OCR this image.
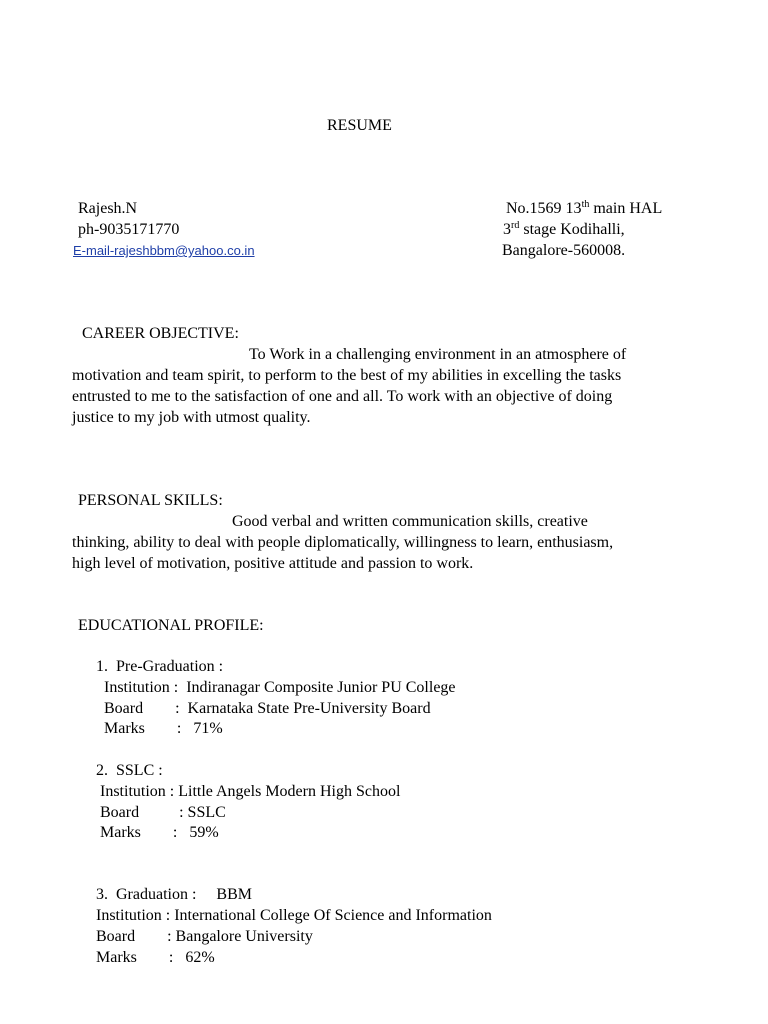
RESUME
Rajesh.N
ph-9035171770
E-mail-rajeshbbm@yahoo.co.in
No.1569 13th main HAL
3rd stage Kodihalli,
Bangalore-560008.
CAREER OBJECTIVE:
To Work in a challenging environment in an atmosphere of
motivation and team spirit, to perform to the best of my abilities in excelling the tasks
entrusted to me to the satisfaction of one and all. To work with an objective of doing
justice to my job with utmost quality.
PERSONAL SKILLS:
Good verbal and written communication skills, creative
thinking, ability to deal with people diplomatically, willingness to learn, enthusiasm,
high level of motivation, positive attitude and passion to work.
EDUCATIONAL PROFILE:
1.  Pre-Graduation :
Institution :  Indiranagar Composite Junior PU College
Board        :  Karnataka State Pre-University Board
Marks        :   71%
2.  SSLC :
Institution : Little Angels Modern High School
Board          : SSLC
Marks        :   59%
3.  Graduation :     BBM
Institution : International College Of Science and Information
Board        : Bangalore University
Marks        :   62%
